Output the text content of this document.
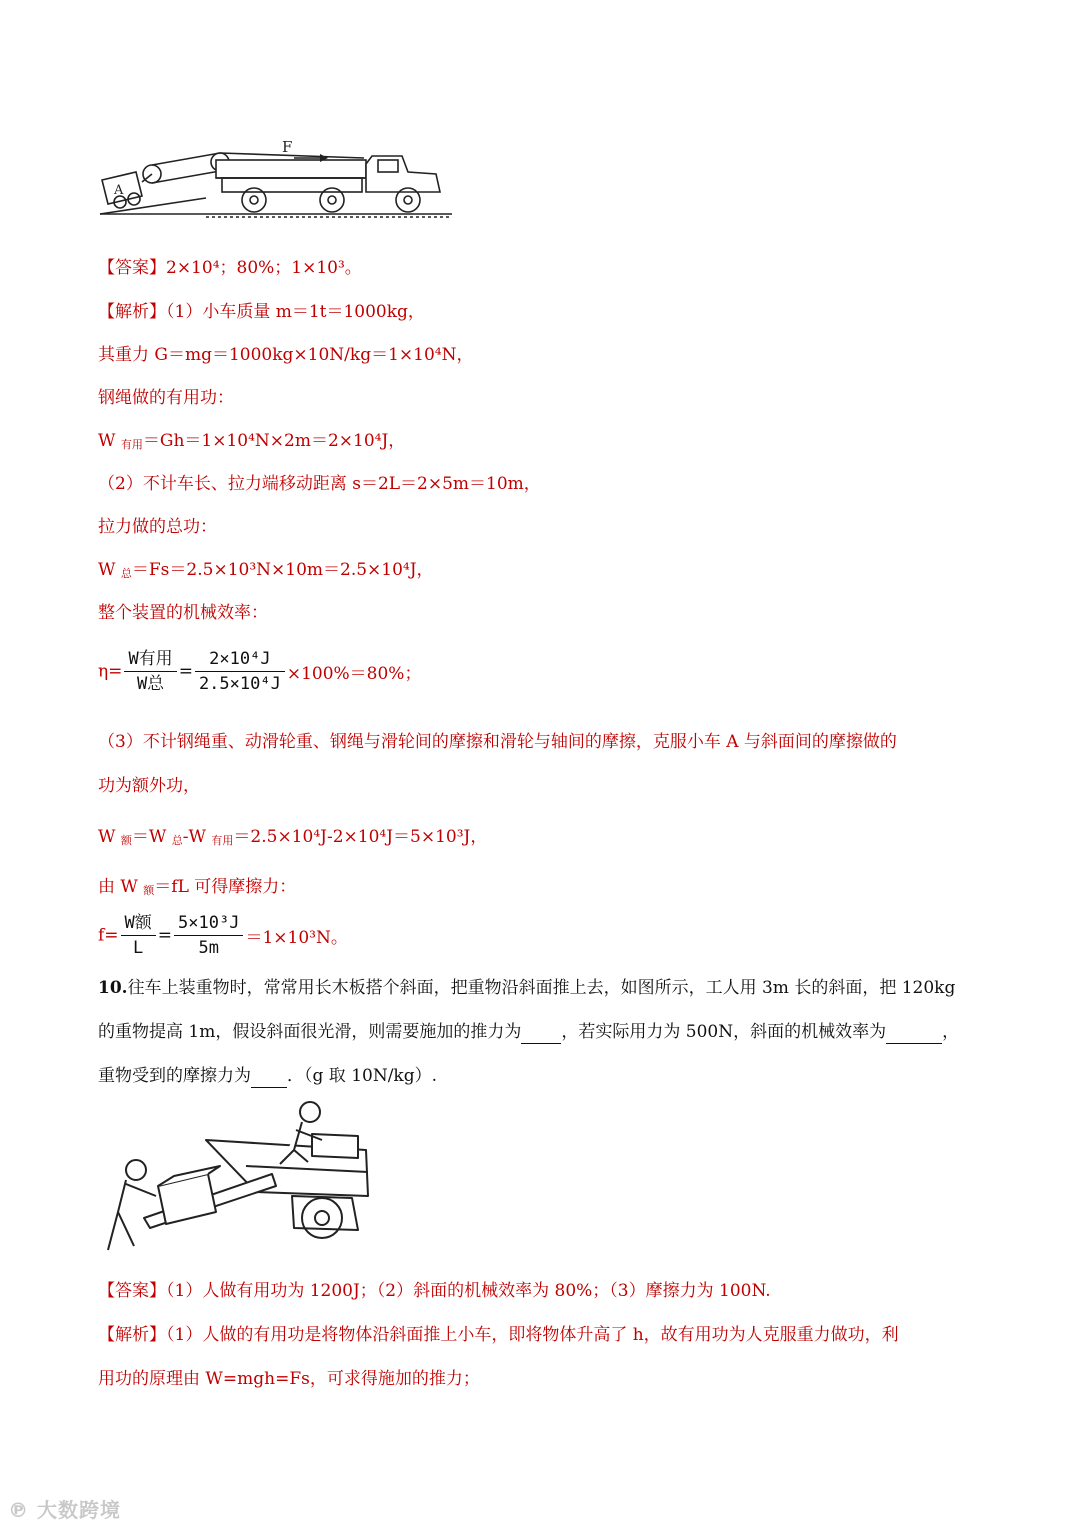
F
A
【答案】2×10⁴；80%；1×10³。
【解析】（1）小车质量 m＝1t＝1000kg，
其重力 G＝mg＝1000kg×10N/kg＝1×10⁴N，
钢绳做的有用功：
W $_{有用}$＝Gh＝1×10⁴N×2m＝2×10⁴J，
（2）不计车长、拉力端移动距离 s＝2L＝2×5m＝10m，
拉力做的总功：
W $_总$＝Fs＝2.5×10³N×10m＝2.5×10⁴J，
整个装置的机械效率：
$\eta= \frac{\text{W有用}}{\text{W总}} = \frac{\text{2×10⁴J}}{\text{2.5×10⁴J}} \times 100\%=80\%$；
（3）不计钢绳重、动滑轮重、钢绳与滑轮间的摩擦和滑轮与轴间的摩擦，克服小车 A 与斜面间的摩擦做的
功为额外功，
W $_额$＝W $_总$-W $_{有用}$＝2.5×10⁴J-2×10⁴J＝5×10³J，
由 W $_额$＝fL 可得摩擦力：
$f= \frac{\text{W额}}{L} = \frac{\text{5×10³J}}{5m} =1\times 10^3N$。
10.往车上装重物时，常常用长木板搭个斜面，把重物沿斜面推上去，如图所示，工人用 3m 长的斜面，把 120kg
的重物提高 1m，假设斜面很光滑，则需要施加的推力为 ，若实际用力为 500N，斜面的机械效率为	，
重物受到的摩擦力为 ．（g 取 10N/kg）.
【答案】（1）人做有用功为 1200J；（2）斜面的机械效率为 80%；（3）摩擦力为 100N.
【解析】（1）人做的有用功是将物体沿斜面推上小车，即将物体升高了 h，故有用功为人克服重力做功，利
用功的原理由 W=mgh=Fs，可求得施加的推力；
℗ 大数跨境
